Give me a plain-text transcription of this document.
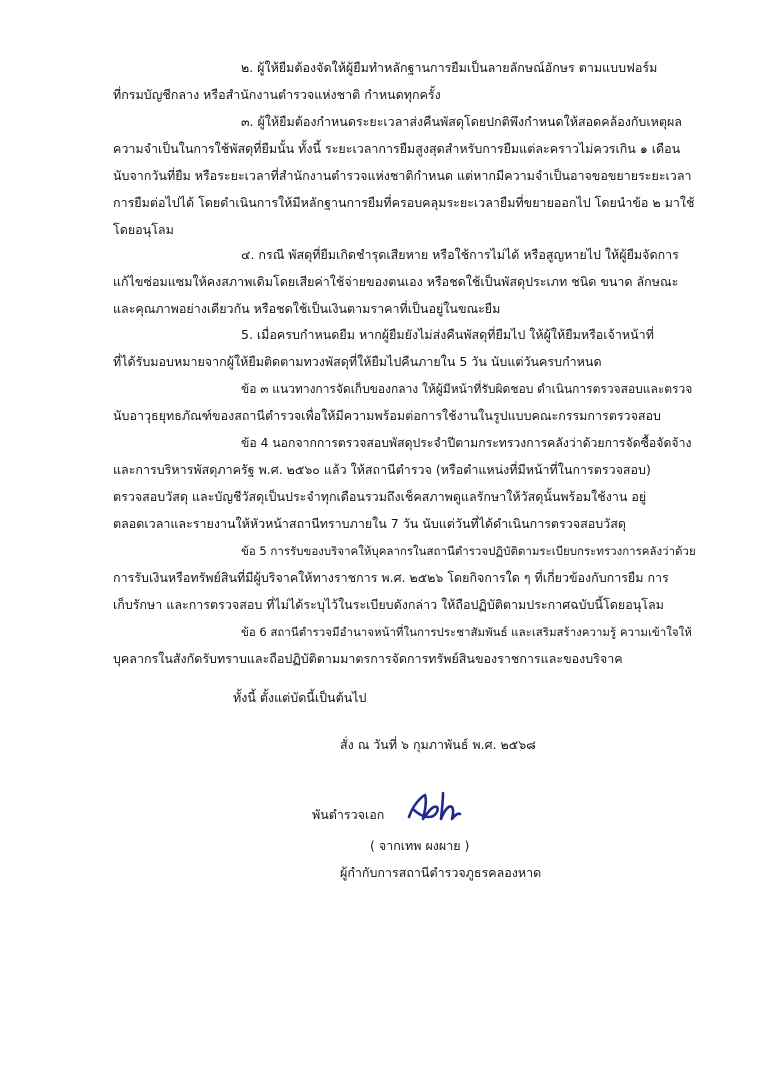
๒. ผู้ให้ยืมต้องจัดให้ผู้ยืมทำหลักฐานการยืมเป็นลายลักษณ์อักษร ตามแบบฟอร์ม

ที่กรมบัญชีกลาง หรือสำนักงานตำรวจแห่งชาติ กำหนดทุกครั้ง

๓. ผู้ให้ยืมต้องกำหนดระยะเวลาส่งคืนพัสดุโดยปกติพึงกำหนดให้สอดคล้องกับเหตุผล

ความจำเป็นในการใช้พัสดุที่ยืมนั้น ทั้งนี้ ระยะเวลาการยืมสูงสุดสำหรับการยืมแต่ละคราวไม่ควรเกิน ๑ เดือน

นับจากวันที่ยืม หรือระยะเวลาที่สำนักงานตำรวจแห่งชาติกำหนด แต่หากมีความจำเป็นอาจขอขยายระยะเวลา

การยืมต่อไปได้ โดยดำเนินการให้มีหลักฐานการยืมที่ครอบคลุมระยะเวลายืมที่ขยายออกไป โดยนำข้อ ๒ มาใช้

โดยอนุโลม

๔. กรณี พัสดุที่ยืมเกิดชำรุดเสียหาย หรือใช้การไม่ได้ หรือสูญหายไป ให้ผู้ยืมจัดการ

แก้ไขซ่อมแซมให้คงสภาพเดิมโดยเสียค่าใช้จ่ายของตนเอง หรือชดใช้เป็นพัสดุประเภท ชนิด ขนาด ลักษณะ

และคุณภาพอย่างเดียวกัน หรือชดใช้เป็นเงินตามราคาที่เป็นอยู่ในขณะยืม

5. เมื่อครบกำหนดยืม หากผู้ยืมยังไม่ส่งคืนพัสดุที่ยืมไป ให้ผู้ให้ยืมหรือเจ้าหน้าที่

ที่ได้รับมอบหมายจากผู้ให้ยืมติดตามทวงพัสดุที่ให้ยืมไปคืนภายใน 5 วัน นับแต่วันครบกำหนด

ข้อ ๓ แนวทางการจัดเก็บของกลาง ให้ผู้มีหน้าที่รับผิดชอบ ดำเนินการตรวจสอบและตรวจ

นับอาวุธยุทธภัณฑ์ของสถานีตำรวจเพื่อให้มีความพร้อมต่อการใช้งานในรูปแบบคณะกรรมการตรวจสอบ

ข้อ 4 นอกจากการตรวจสอบพัสดุประจำปีตามกระทรวงการคลังว่าด้วยการจัดซื้อจัดจ้าง

และการบริหารพัสดุภาครัฐ พ.ศ. ๒๕๖๐ แล้ว ให้สถานีตำรวจ (หรือตำแหน่งที่มีหน้าที่ในการตรวจสอบ)

ตรวจสอบวัสดุ และบัญชีวัสดุเป็นประจำทุกเดือนรวมถึงเช็คสภาพดูแลรักษาให้วัสดุนั้นพร้อมใช้งาน อยู่

ตลอดเวลาและรายงานให้หัวหน้าสถานีทราบภายใน 7 วัน นับแต่วันที่ได้ดำเนินการตรวจสอบวัสดุ

ข้อ 5 การรับของบริจาคให้บุคลากรในสถานีตำรวจปฏิบัติตามระเบียบกระทรวงการคลังว่าด้วย

การรับเงินหรือทรัพย์สินที่มีผู้บริจาคให้ทางราชการ พ.ศ. ๒๕๒๖ โดยกิจการใด ๆ ที่เกี่ยวข้องกับการยืม การ

เก็บรักษา และการตรวจสอบ ที่ไม่ได้ระบุไว้ในระเบียบดังกล่าว ให้ถือปฏิบัติตามประกาศฉบับนี้โดยอนุโลม

ข้อ 6 สถานีตำรวจมีอำนาจหน้าที่ในการประชาสัมพันธ์ และเสริมสร้างความรู้ ความเข้าใจให้

บุคลากรในสังกัดรับทราบและถือปฏิบัติตามมาตรการจัดการทรัพย์สินของราชการและของบริจาค

ทั้งนี้ ตั้งแต่บัดนี้เป็นต้นไป

สั่ง ณ วันที่ ๖ กุมภาพันธ์ พ.ศ. ๒๕๖๘

พันตำรวจเอก

( จากเทพ ผงผาย )

ผู้กำกับการสถานีตำรวจภูธรคลองหาด
